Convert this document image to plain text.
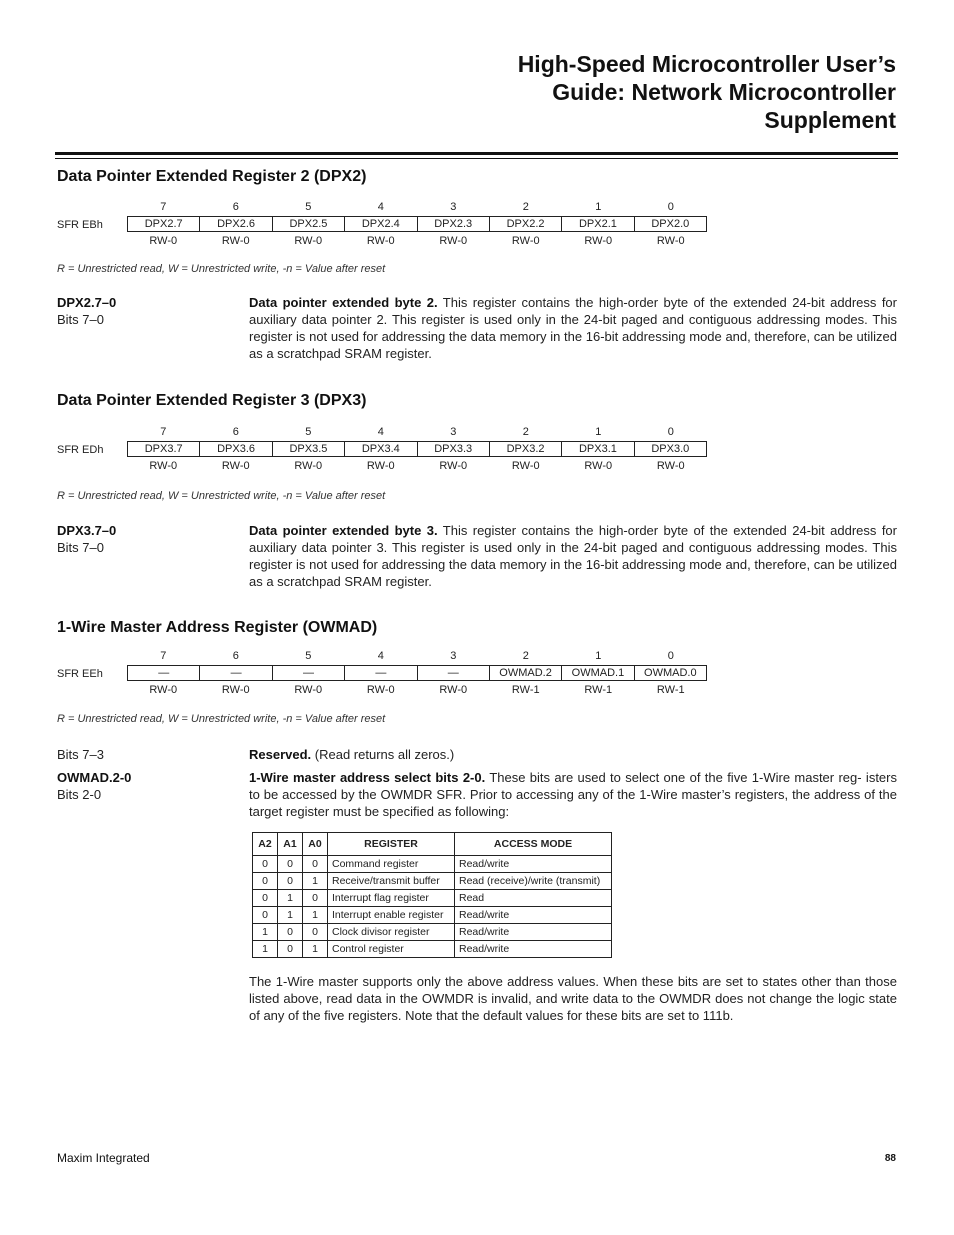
High-Speed Microcontroller User’s
Guide: Network Microcontroller
Supplement
Data Pointer Extended Register 2 (DPX2)
7	6	5	4	3	2	1	0
SFR EBh	DPX2.7	DPX2.6	DPX2.5	DPX2.4	DPX2.3	DPX2.2	DPX2.1	DPX2.0
RW-0	RW-0	RW-0	RW-0	RW-0	RW-0	RW-0	RW-0
R = Unrestricted read, W = Unrestricted write, -n = Value after reset
DPX2.7–0
Bits 7–0
Data pointer extended byte 2. This register contains the high-order byte of the extended 24-bit address for auxiliary data pointer 2. This register is used only in the 24-bit paged and contiguous addressing modes. This register is not used for addressing the data memory in the 16-bit addressing mode and, therefore, can be utilized as a scratchpad SRAM register.
Data Pointer Extended Register 3 (DPX3)
7	6	5	4	3	2	1	0
SFR EDh	DPX3.7	DPX3.6	DPX3.5	DPX3.4	DPX3.3	DPX3.2	DPX3.1	DPX3.0
RW-0	RW-0	RW-0	RW-0	RW-0	RW-0	RW-0	RW-0
R = Unrestricted read, W = Unrestricted write, -n = Value after reset
DPX3.7–0
Bits 7–0
Data pointer extended byte 3. This register contains the high-order byte of the extended 24-bit address for auxiliary data pointer 3. This register is used only in the 24-bit paged and contiguous addressing modes. This register is not used for addressing the data memory in the 16-bit addressing mode and, therefore, can be utilized as a scratchpad SRAM register.
1-Wire Master Address Register (OWMAD)
7	6	5	4	3	2	1	0
SFR EEh	—	—	—	—	—	OWMAD.2	OWMAD.1	OWMAD.0
RW-0	RW-0	RW-0	RW-0	RW-0	RW-1	RW-1	RW-1
R = Unrestricted read, W = Unrestricted write, -n = Value after reset
Bits 7–3	Reserved. (Read returns all zeros.)
OWMAD.2-0
Bits 2-0
1-Wire master address select bits 2-0. These bits are used to select one of the five 1-Wire master reg- isters to be accessed by the OWMDR SFR. Prior to accessing any of the 1-Wire master’s registers, the address of the target register must be specified as following:
A2	A1	A0	REGISTER	ACCESS MODE
0	0	0	Command register	Read/write
0	0	1	Receive/transmit buffer	Read (receive)/write (transmit)
0	1	0	Interrupt flag register	Read
0	1	1	Interrupt enable register	Read/write
1	0	0	Clock divisor register	Read/write
1	0	1	Control register	Read/write
The 1-Wire master supports only the above address values. When these bits are set to states other than those listed above, read data in the OWMDR is invalid, and write data to the OWMDR does not change the logic state of any of the five registers. Note that the default values for these bits are set to 111b.
Maxim Integrated	88
